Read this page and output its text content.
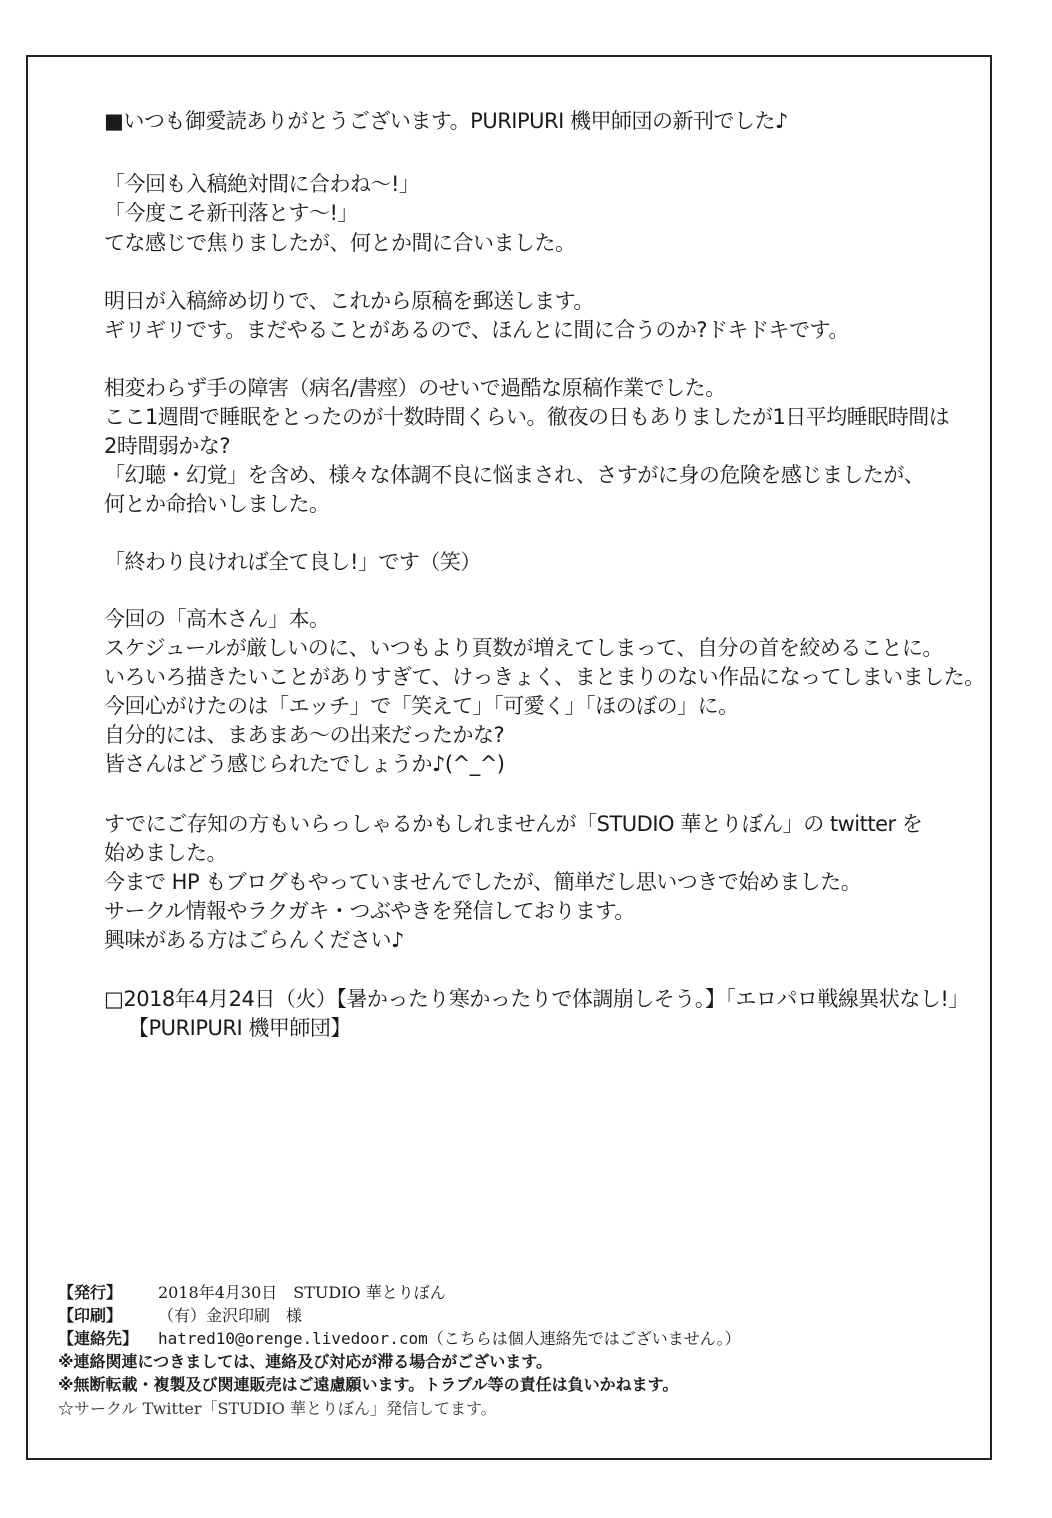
■いつも御愛読ありがとうございます。PURIPURI 機甲師団の新刊でした♪
「今回も入稿絶対間に合わね〜!」
「今度こそ新刊落とす〜!」
てな感じで焦りましたが、何とか間に合いました。
明日が入稿締め切りで、これから原稿を郵送します。
ギリギリです。まだやることがあるので、ほんとに間に合うのか?ドキドキです。
相変わらず手の障害（病名/書痙）のせいで過酷な原稿作業でした。
ここ1週間で睡眠をとったのが十数時間くらい。徹夜の日もありましたが1日平均睡眠時間は
2時間弱かな?
「幻聴・幻覚」を含め、様々な体調不良に悩まされ、さすがに身の危険を感じましたが、
何とか命拾いしました。
「終わり良ければ全て良し!」です（笑）
今回の「高木さん」本。
スケジュールが厳しいのに、いつもより頁数が増えてしまって、自分の首を絞めることに。
いろいろ描きたいことがありすぎて、けっきょく、まとまりのない作品になってしまいました。
今回心がけたのは「エッチ」で「笑えて」「可愛く」「ほのぼの」に。
自分的には、まあまあ〜の出来だったかな?
皆さんはどう感じられたでしょうか♪(^_^)
すでにご存知の方もいらっしゃるかもしれませんが「STUDIO 華とりぼん」の twitter を
始めました。
今まで HP もブログもやっていませんでしたが、簡単だし思いつきで始めました。
サークル情報やラクガキ・つぶやきを発信しております。
興味がある方はごらんください♪
□2018年4月24日（火）【暑かったり寒かったりで体調崩しそう。】「エロパロ戦線異状なし!」
【PURIPURI 機甲師団】
【発行】 2018年4月30日　STUDIO 華とりぼん
【印刷】 （有）金沢印刷　様
【連絡先】 hatred10@orenge.livedoor.com（こちらは個人連絡先ではございません。）
※連絡関連につきましては、連絡及び対応が滞る場合がございます。
※無断転載・複製及び関連販売はご遠慮願います。トラブル等の責任は負いかねます。
☆サークル Twitter「STUDIO 華とりぼん」発信してます。
